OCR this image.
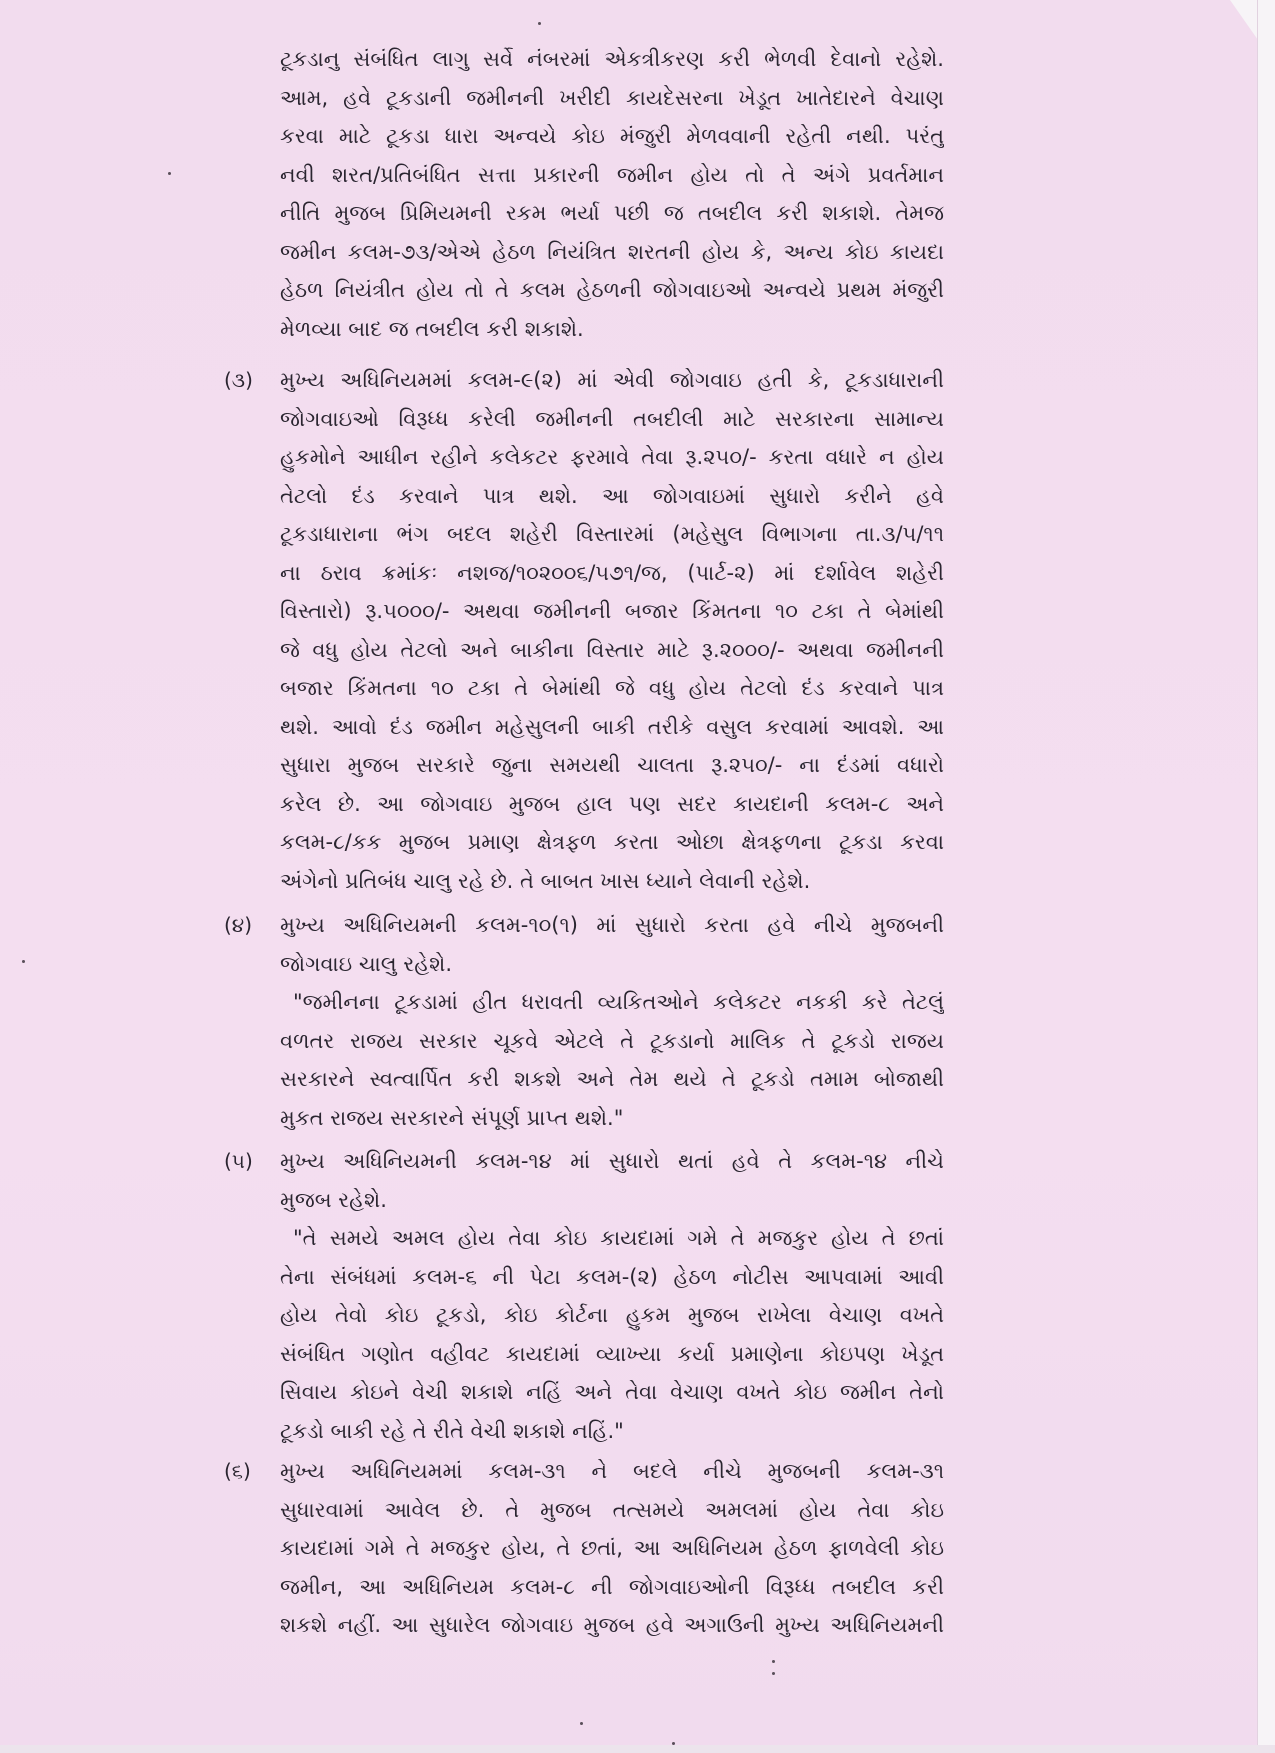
ટૂકડાનુ સંબંધિત લાગુ સર્વે નંબરમાં એકત્રીકરણ કરી ભેળવી દેવાનો રહેશે.
આમ, હવે ટૂકડાની જમીનની ખરીદી કાયદેસરના ખેડૂત ખાતેદારને વેચાણ
કરવા માટે ટૂકડા ધારા અન્વયે કોઇ મંજુરી મેળવવાની રહેતી નથી. પરંતુ
નવી શરત/પ્રતિબંધિત સત્તા પ્રકારની જમીન હોય તો તે અંગે પ્રવર્તમાન
નીતિ મુજબ પ્રિમિયમની રકમ ભર્યા પછી જ તબદીલ કરી શકાશે. તેમજ
જમીન કલમ-૭૩/એએ હેઠળ નિયંત્રિત શરતની હોય કે, અન્ય કોઇ કાયદા
હેઠળ નિયંત્રીત હોય તો તે કલમ હેઠળની જોગવાઇઓ અન્વયે પ્રથમ મંજુરી
મેળવ્યા બાદ જ તબદીલ કરી શકાશે.
(૩) મુખ્ય અધિનિયમમાં કલમ-૯(૨) માં એવી જોગવાઇ હતી કે, ટૂકડાધારાની
જોગવાઇઓ વિરૂધ્ધ કરેલી જમીનની તબદીલી માટે સરકારના સામાન્ય
હુકમોને આધીન રહીને કલેકટર ફરમાવે તેવા રૂ.૨૫૦/- કરતા વધારે ન હોય
તેટલો દંડ કરવાને પાત્ર થશે. આ જોગવાઇમાં સુધારો કરીને હવે
ટૂકડાધારાના ભંગ બદલ શહેરી વિસ્તારમાં (મહેસુલ વિભાગના તા.૩/૫/૧૧
ના ઠરાવ ક્રમાંકઃ નશજ/૧૦૨૦૦૬/૫૭૧/જ, (પાર્ટ-૨) માં દર્શાવેલ શહેરી
વિસ્તારો) રૂ.૫૦૦૦/- અથવા જમીનની બજાર કિંમતના ૧૦ ટકા તે બેમાંથી
જે વધુ હોય તેટલો અને બાકીના વિસ્તાર માટે રૂ.૨૦૦૦/- અથવા જમીનની
બજાર કિંમતના ૧૦ ટકા તે બેમાંથી જે વધુ હોય તેટલો દંડ કરવાને પાત્ર
થશે. આવો દંડ જમીન મહેસુલની બાકી તરીકે વસુલ કરવામાં આવશે. આ
સુધારા મુજબ સરકારે જુના સમયથી ચાલતા રૂ.૨૫૦/- ના દંડમાં વધારો
કરેલ છે. આ જોગવાઇ મુજબ હાલ પણ સદર કાયદાની કલમ-૮ અને
કલમ-૮/કક મુજબ પ્રમાણ ક્ષેત્રફળ કરતા ઓછા ક્ષેત્રફળના ટૂકડા કરવા
અંગેનો પ્રતિબંધ ચાલુ રહે છે. તે બાબત ખાસ ધ્યાને લેવાની રહેશે.
(૪) મુખ્ય અધિનિયમની કલમ-૧૦(૧) માં સુધારો કરતા હવે નીચે મુજબની
જોગવાઇ ચાલુ રહેશે.
"જમીનના ટૂકડામાં હીત ધરાવતી વ્યકિતઓને કલેકટર નકકી કરે તેટલું
વળતર રાજય સરકાર ચૂકવે એટલે તે ટૂકડાનો માલિક તે ટૂકડો રાજય
સરકારને સ્વત્વાર્પિત કરી શકશે અને તેમ થયે તે ટૂકડો તમામ બોજાથી
મુકત રાજય સરકારને સંપૂર્ણ પ્રાપ્ત થશે."
(૫) મુખ્ય અધિનિયમની કલમ-૧૪ માં સુધારો થતાં હવે તે કલમ-૧૪ નીચે
મુજબ રહેશે.
"તે સમયે અમલ હોય તેવા કોઇ કાયદામાં ગમે તે મજકુર હોય તે છતાં
તેના સંબંધમાં કલમ-૬ ની પેટા કલમ-(૨) હેઠળ નોટીસ આપવામાં આવી
હોય તેવો કોઇ ટૂકડો, કોઇ કોર્ટના હુકમ મુજબ રાખેલા વેચાણ વખતે
સંબંધિત ગણોત વહીવટ કાયદામાં વ્યાખ્યા કર્યા પ્રમાણેના કોઇપણ ખેડૂત
સિવાય કોઇને વેચી શકાશે નહિં અને તેવા વેચાણ વખતે કોઇ જમીન તેનો
ટૂકડો બાકી રહે તે રીતે વેચી શકાશે નહિં."
(૬) મુખ્ય અધિનિયમમાં કલમ-૩૧ ને બદલે નીચે મુજબની કલમ-૩૧
સુધારવામાં આવેલ છે. તે મુજબ તત્સમયે અમલમાં હોય તેવા કોઇ
કાયદામાં ગમે તે મજકુર હોય, તે છતાં, આ અધિનિયમ હેઠળ ફાળવેલી કોઇ
જમીન, આ અધિનિયમ કલમ-૮ ની જોગવાઇઓની વિરૂધ્ધ તબદીલ કરી
શકશે નહીં. આ સુધારેલ જોગવાઇ મુજબ હવે અગાઉની મુખ્ય અધિનિયમની
